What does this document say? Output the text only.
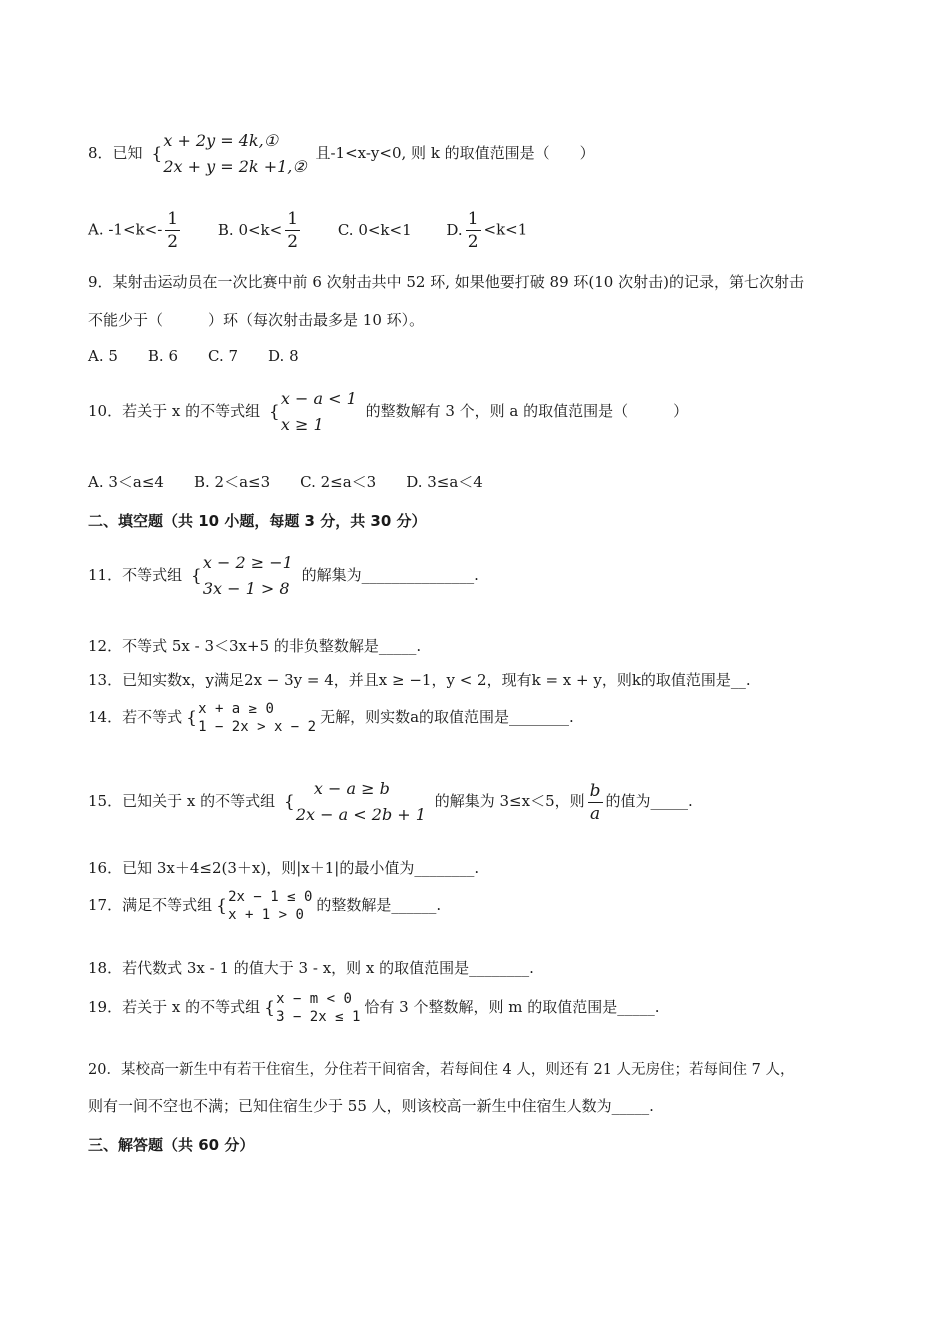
8．已知 {
x + 2y = 4k,①
2x + y = 2k +1,②
且-1<x-y<0, 则 k 的取值范围是（　　）
A. $-1<k<- \frac{1}{2}$	B. $0<k< \frac{1}{2}$	C. 0<k<1 D. $\frac{1}{2} <k<1$
9．某射击运动员在一次比赛中前 6 次射击共中 52 环, 如果他要打破 89 环(10 次射击)的记录，第七次射击
不能少于（　　　）环（每次射击最多是 10 环）。
A. 5　　B. 6　　C. 7　　D. 8
10．若关于 x 的不等式组 {
x − a < 1
x ≥ 1
的整数解有 3 个，则 a 的取值范围是（　　　）
A. 3＜a≤4　　B. 2＜a≤3　　C. 2≤a＜3　　D. 3≤a＜4
二、填空题（共 10 小题，每题 3 分，共 30 分）
11．不等式组 {
x − 2 ≥ −1
3x − 1 > 8
的解集为_______________.
12．不等式 5x - 3＜3x+5 的非负整数解是_____.
13．已知实数x，y满足2x − 3y = 4，并且x ≥ −1，y < 2，现有k = x + y，则k的取值范围是__.
14．若不等式 { x + a ≥ 0
1 − 2x > x − 2
无解，则实数a的取值范围是________.
15．已知关于 x 的不等式组 {
x − a ≥ b
2x − a < 2b + 1
的解集为 3≤x＜5，则 $\frac{b}{a}$ 的值为_____.
16．已知 3x＋4≤2(3＋x)，则|x＋1|的最小值为________.
17．满足不等式组 { 2x − 1 ≤ 0
x + 1 > 0
的整数解是______.
18．若代数式 3x - 1 的值大于 3 - x，则 x 的取值范围是________.
19．若关于 x 的不等式组 { x − m < 0
3 − 2x ≤ 1
恰有 3 个整数解，则 m 的取值范围是_____.
20．某校高一新生中有若干住宿生，分住若干间宿舍，若每间住 4 人，则还有 21 人无房住；若每间住 7 人，
则有一间不空也不满；已知住宿生少于 55 人，则该校高一新生中住宿生人数为_____.
三、解答题（共 60 分）
